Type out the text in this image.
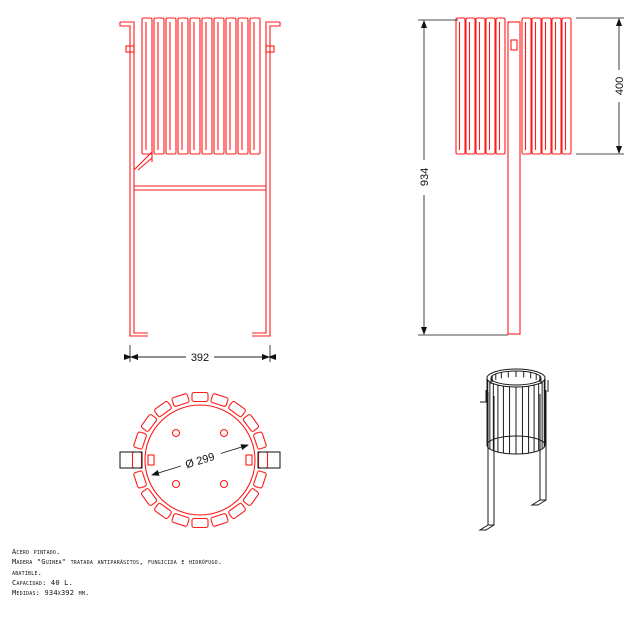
392
934
400
Ø 299
Acero pintado.
Madera "Guinea" tratada antiparásitos, fungicida e hidrófugo.
abatible.
Capacidad: 40 L.
Medidas: 934x392 mm.
